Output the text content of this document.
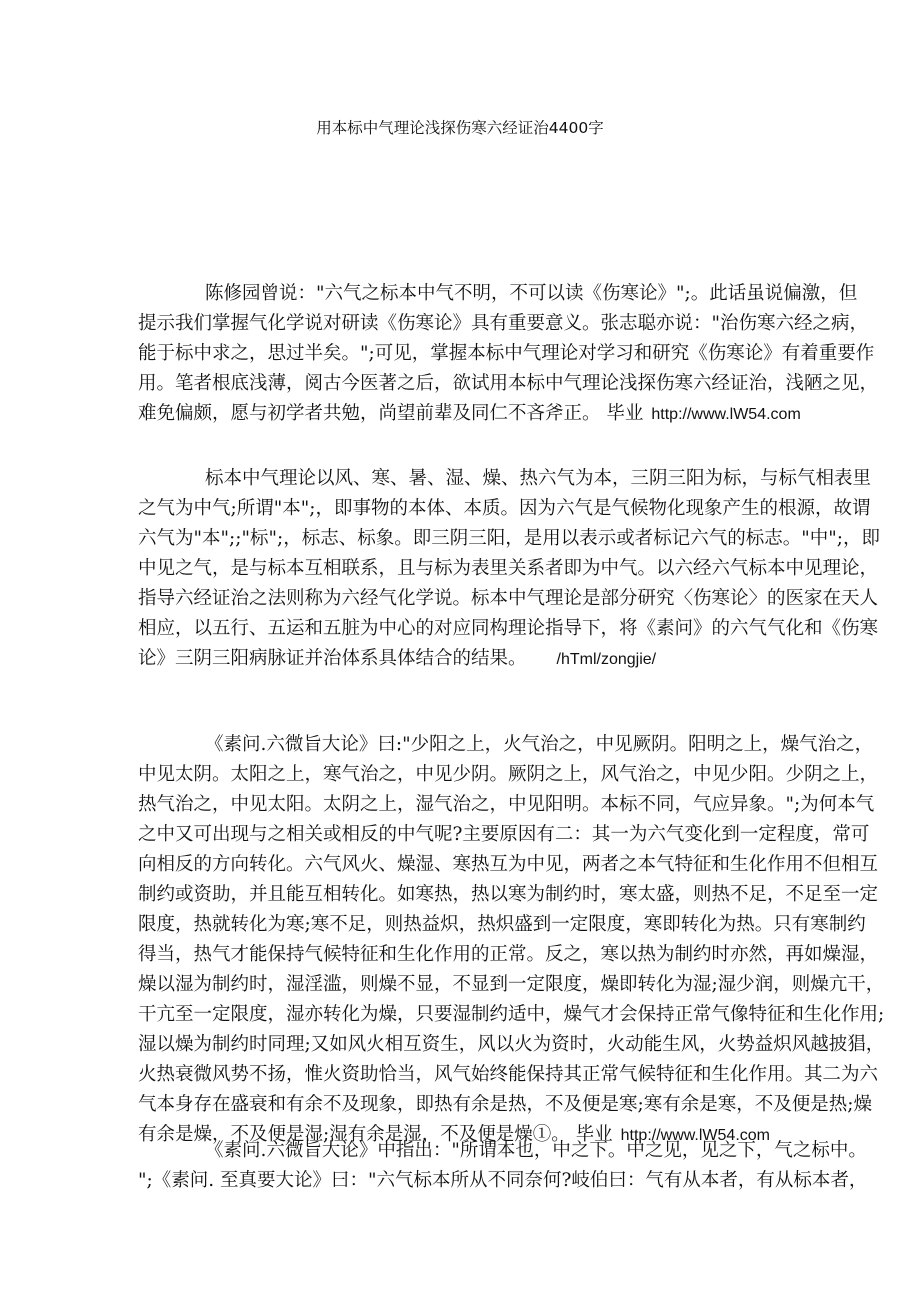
用本标中气理论浅探伤寒六经证治4400字
陈修园曾说："六气之标本中气不明，不可以读《伤寒论》";。此话虽说偏激，但
提示我们掌握气化学说对研读《伤寒论》具有重要意义。张志聪亦说："治伤寒六经之病，
能于标中求之，思过半矣。";可见，掌握本标中气理论对学习和研究《伤寒论》有着重要作
用。笔者根底浅薄，阅古今医著之后，欲试用本标中气理论浅探伤寒六经证治，浅陋之见，
难免偏颇，愿与初学者共勉，尚望前辈及同仁不吝斧正。 毕业 http://www.lW54.com
标本中气理论以风、寒、暑、湿、燥、热六气为本，三阴三阳为标，与标气相表里
之气为中气;所谓"本";，即事物的本体、本质。因为六气是气候物化现象产生的根源，故谓
六气为"本";;"标";，标志、标象。即三阴三阳，是用以表示或者标记六气的标志。"中";，即
中见之气，是与标本互相联系，且与标为表里关系者即为中气。以六经六气标本中见理论，
指导六经证治之法则称为六经气化学说。标本中气理论是部分研究〈伤寒论〉的医家在天人
相应，以五行、五运和五脏为中心的对应同构理论指导下，将《素问》的六气气化和《伤寒
论》三阴三阳病脉证并治体系具体结合的结果。 /hTml/zongjie/
《素问.六微旨大论》曰:"少阳之上，火气治之，中见厥阴。阳明之上，燥气治之，
中见太阴。太阳之上，寒气治之，中见少阴。厥阴之上，风气治之，中见少阳。少阴之上，
热气治之，中见太阳。太阴之上，湿气治之，中见阳明。本标不同，气应异象。";为何本气
之中又可出现与之相关或相反的中气呢?主要原因有二：其一为六气变化到一定程度，常可
向相反的方向转化。六气风火、燥湿、寒热互为中见，两者之本气特征和生化作用不但相互
制约或资助，并且能互相转化。如寒热，热以寒为制约时，寒太盛，则热不足，不足至一定
限度，热就转化为寒;寒不足，则热益炽，热炽盛到一定限度，寒即转化为热。只有寒制约
得当，热气才能保持气候特征和生化作用的正常。反之，寒以热为制约时亦然，再如燥湿，
燥以湿为制约时，湿淫滥，则燥不显，不显到一定限度，燥即转化为湿;湿少润，则燥亢干，
干亢至一定限度，湿亦转化为燥，只要湿制约适中，燥气才会保持正常气像特征和生化作用;
湿以燥为制约时同理;又如风火相互资生，风以火为资时，火动能生风，火势益炽风越披猖，
火热衰微风势不扬，惟火资助恰当，风气始终能保持其正常气候特征和生化作用。其二为六
气本身存在盛衰和有余不及现象，即热有余是热，不及便是寒;寒有余是寒，不及便是热;燥
有余是燥，不及便是湿;湿有余是湿，不及便是燥①。 毕业 http://www.lW54.com
《素问.六微旨大论》中指出："所谓本也，中之下。中之见，见之下，气之标中。
";《素问. 至真要大论》曰："六气标本所从不同奈何?岐伯曰：气有从本者，有从标本者，
